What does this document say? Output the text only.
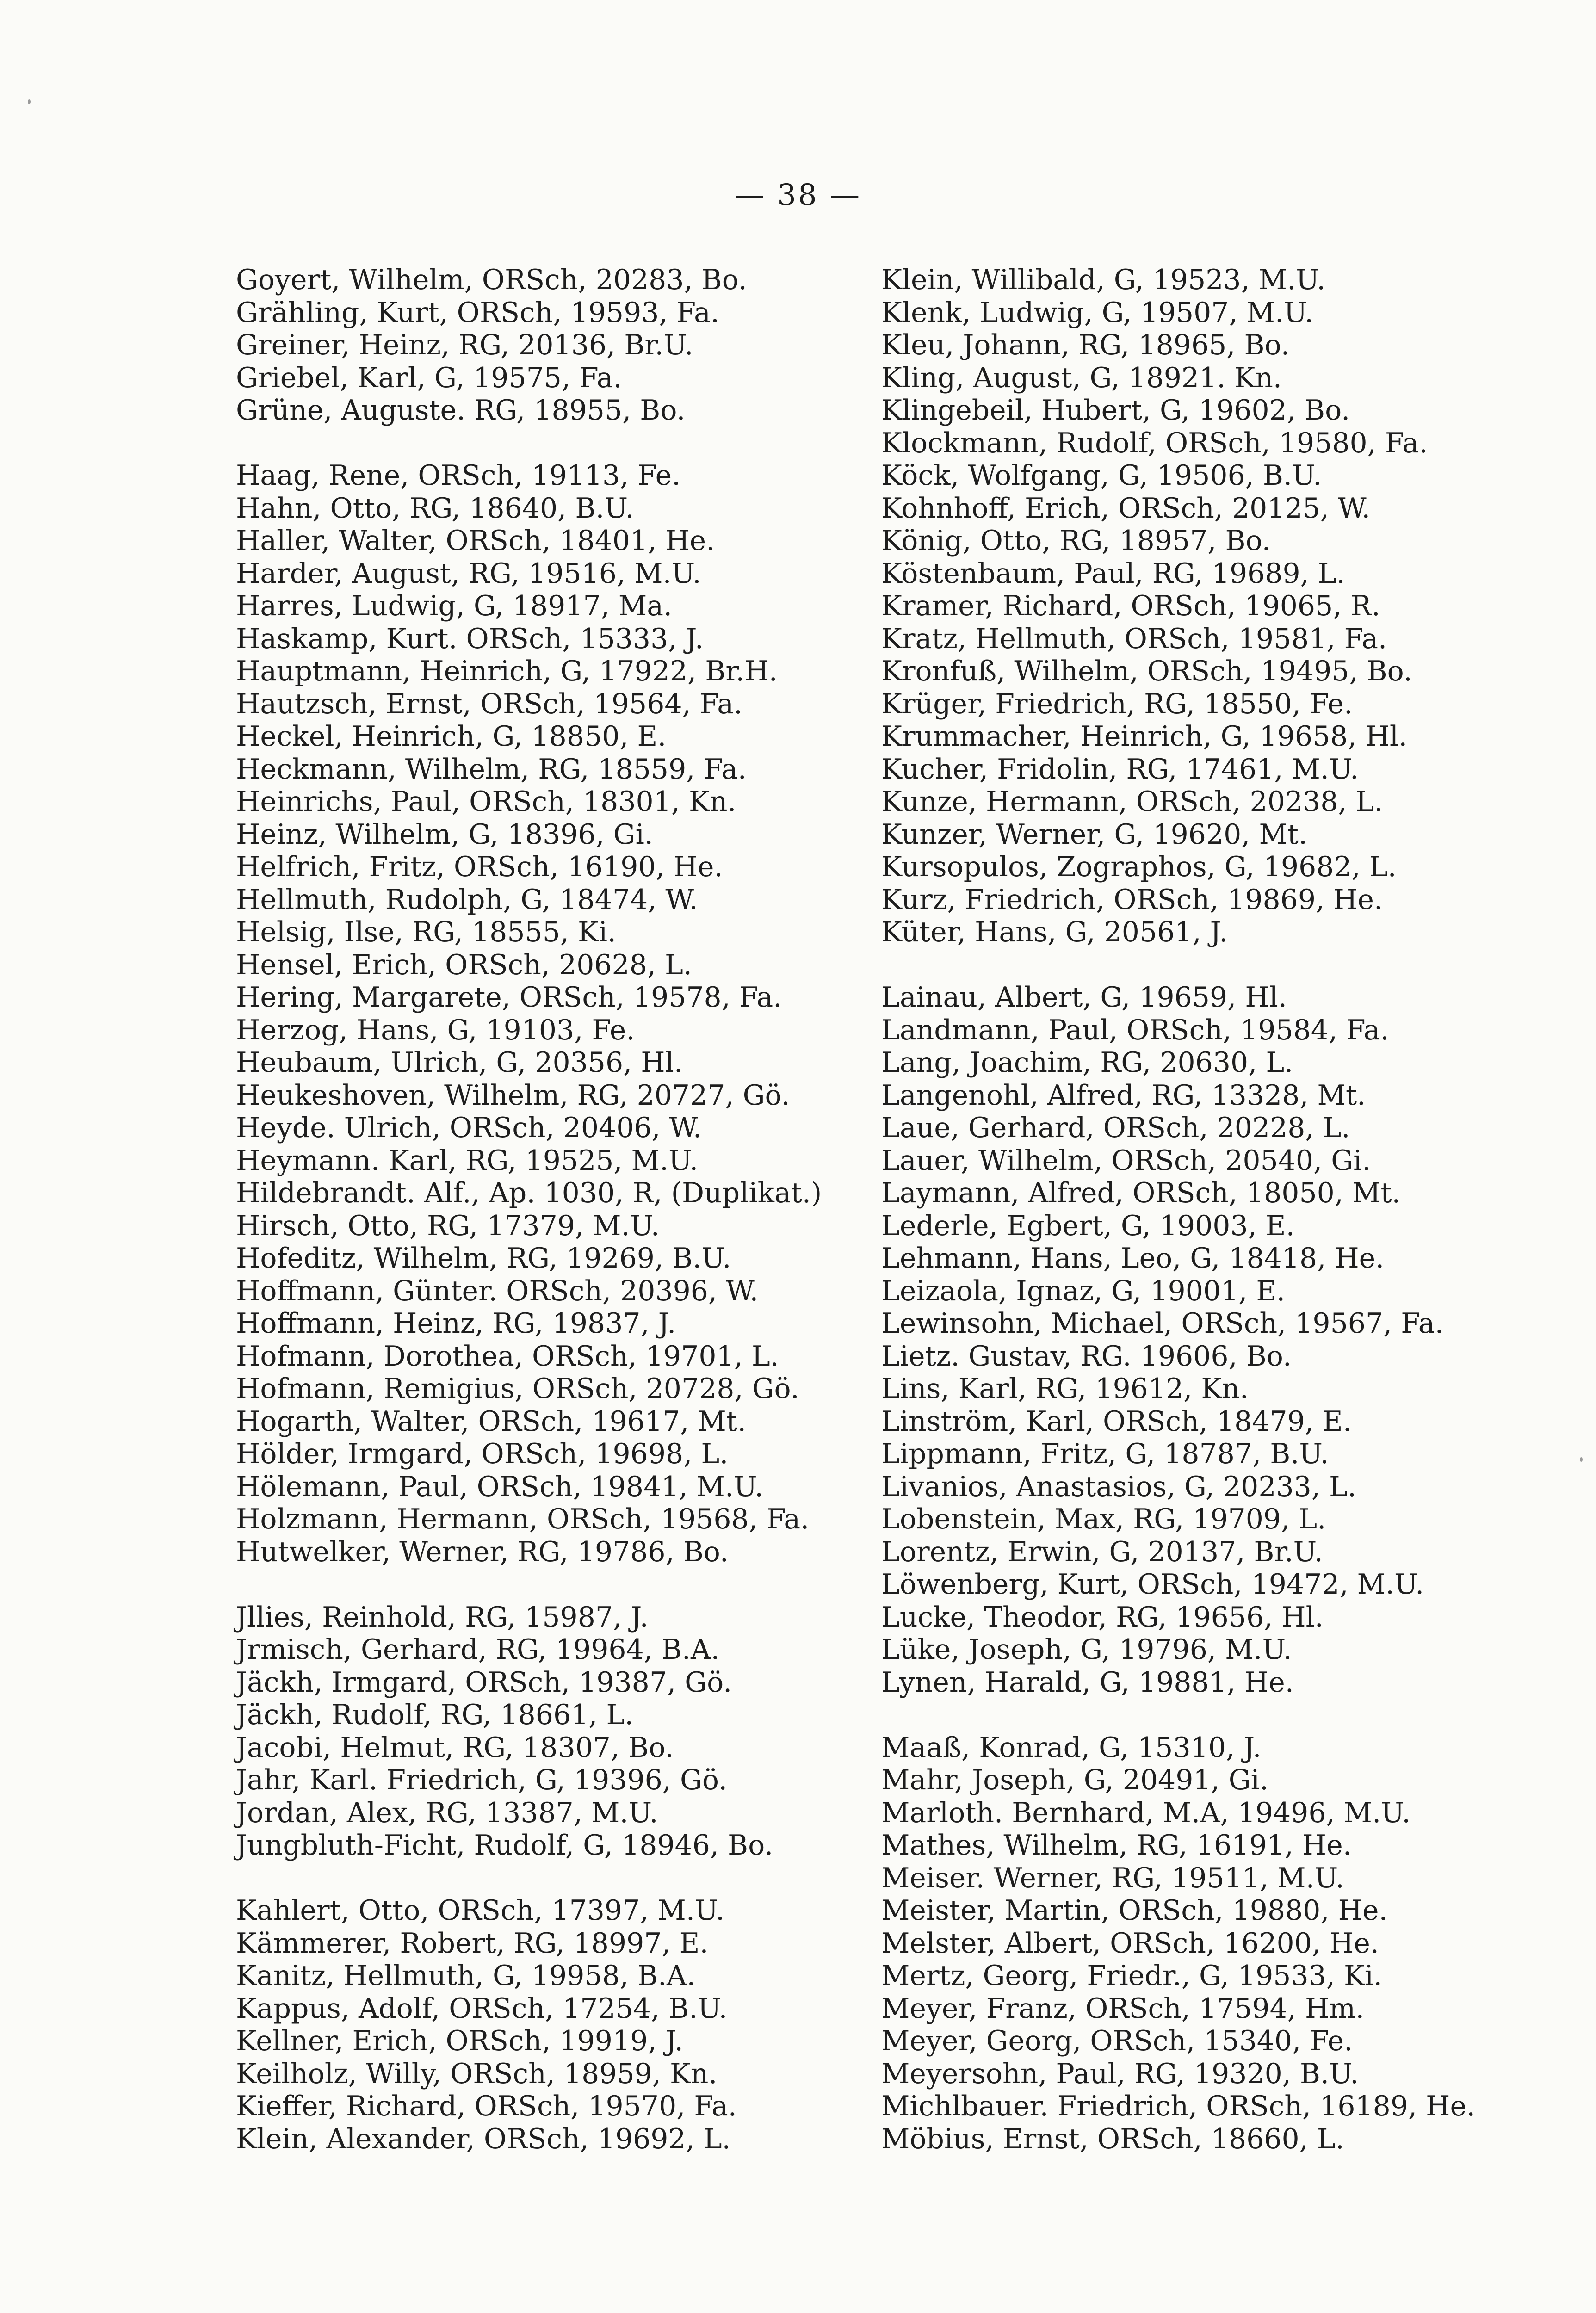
— 38 —
Goyert, Wilhelm, ORSch, 20283, Bo.
Grähling, Kurt, ORSch, 19593, Fa.
Greiner, Heinz, RG, 20136, Br.U.
Griebel, Karl, G, 19575, Fa.
Grüne, Auguste. RG, 18955, Bo.
Haag, Rene, ORSch, 19113, Fe.
Hahn, Otto, RG, 18640, B.U.
Haller, Walter, ORSch, 18401, He.
Harder, August, RG, 19516, M.U.
Harres, Ludwig, G, 18917, Ma.
Haskamp, Kurt. ORSch, 15333, J.
Hauptmann, Heinrich, G, 17922, Br.H.
Hautzsch, Ernst, ORSch, 19564, Fa.
Heckel, Heinrich, G, 18850, E.
Heckmann, Wilhelm, RG, 18559, Fa.
Heinrichs, Paul, ORSch, 18301, Kn.
Heinz, Wilhelm, G, 18396, Gi.
Helfrich, Fritz, ORSch, 16190, He.
Hellmuth, Rudolph, G, 18474, W.
Helsig, Ilse, RG, 18555, Ki.
Hensel, Erich, ORSch, 20628, L.
Hering, Margarete, ORSch, 19578, Fa.
Herzog, Hans, G, 19103, Fe.
Heubaum, Ulrich, G, 20356, Hl.
Heukeshoven, Wilhelm, RG, 20727, Gö.
Heyde. Ulrich, ORSch, 20406, W.
Heymann. Karl, RG, 19525, M.U.
Hildebrandt. Alf., Ap. 1030, R, (Duplikat.)
Hirsch, Otto, RG, 17379, M.U.
Hofeditz, Wilhelm, RG, 19269, B.U.
Hoffmann, Günter. ORSch, 20396, W.
Hoffmann, Heinz, RG, 19837, J.
Hofmann, Dorothea, ORSch, 19701, L.
Hofmann, Remigius, ORSch, 20728, Gö.
Hogarth, Walter, ORSch, 19617, Mt.
Hölder, Irmgard, ORSch, 19698, L.
Hölemann, Paul, ORSch, 19841, M.U.
Holzmann, Hermann, ORSch, 19568, Fa.
Hutwelker, Werner, RG, 19786, Bo.
Jllies, Reinhold, RG, 15987, J.
Jrmisch, Gerhard, RG, 19964, B.A.
Jäckh, Irmgard, ORSch, 19387, Gö.
Jäckh, Rudolf, RG, 18661, L.
Jacobi, Helmut, RG, 18307, Bo.
Jahr, Karl. Friedrich, G, 19396, Gö.
Jordan, Alex, RG, 13387, M.U.
Jungbluth-Ficht, Rudolf, G, 18946, Bo.
Kahlert, Otto, ORSch, 17397, M.U.
Kämmerer, Robert, RG, 18997, E.
Kanitz, Hellmuth, G, 19958, B.A.
Kappus, Adolf, ORSch, 17254, B.U.
Kellner, Erich, ORSch, 19919, J.
Keilholz, Willy, ORSch, 18959, Kn.
Kieffer, Richard, ORSch, 19570, Fa.
Klein, Alexander, ORSch, 19692, L.
Klein, Willibald, G, 19523, M.U.
Klenk, Ludwig, G, 19507, M.U.
Kleu, Johann, RG, 18965, Bo.
Kling, August, G, 18921. Kn.
Klingebeil, Hubert, G, 19602, Bo.
Klockmann, Rudolf, ORSch, 19580, Fa.
Köck, Wolfgang, G, 19506, B.U.
Kohnhoff, Erich, ORSch, 20125, W.
König, Otto, RG, 18957, Bo.
Köstenbaum, Paul, RG, 19689, L.
Kramer, Richard, ORSch, 19065, R.
Kratz, Hellmuth, ORSch, 19581, Fa.
Kronfuß, Wilhelm, ORSch, 19495, Bo.
Krüger, Friedrich, RG, 18550, Fe.
Krummacher, Heinrich, G, 19658, Hl.
Kucher, Fridolin, RG, 17461, M.U.
Kunze, Hermann, ORSch, 20238, L.
Kunzer, Werner, G, 19620, Mt.
Kursopulos, Zographos, G, 19682, L.
Kurz, Friedrich, ORSch, 19869, He.
Küter, Hans, G, 20561, J.
Lainau, Albert, G, 19659, Hl.
Landmann, Paul, ORSch, 19584, Fa.
Lang, Joachim, RG, 20630, L.
Langenohl, Alfred, RG, 13328, Mt.
Laue, Gerhard, ORSch, 20228, L.
Lauer, Wilhelm, ORSch, 20540, Gi.
Laymann, Alfred, ORSch, 18050, Mt.
Lederle, Egbert, G, 19003, E.
Lehmann, Hans, Leo, G, 18418, He.
Leizaola, Ignaz, G, 19001, E.
Lewinsohn, Michael, ORSch, 19567, Fa.
Lietz. Gustav, RG. 19606, Bo.
Lins, Karl, RG, 19612, Kn.
Linström, Karl, ORSch, 18479, E.
Lippmann, Fritz, G, 18787, B.U.
Livanios, Anastasios, G, 20233, L.
Lobenstein, Max, RG, 19709, L.
Lorentz, Erwin, G, 20137, Br.U.
Löwenberg, Kurt, ORSch, 19472, M.U.
Lucke, Theodor, RG, 19656, Hl.
Lüke, Joseph, G, 19796, M.U.
Lynen, Harald, G, 19881, He.
Maaß, Konrad, G, 15310, J.
Mahr, Joseph, G, 20491, Gi.
Marloth. Bernhard, M.A, 19496, M.U.
Mathes, Wilhelm, RG, 16191, He.
Meiser. Werner, RG, 19511, M.U.
Meister, Martin, ORSch, 19880, He.
Melster, Albert, ORSch, 16200, He.
Mertz, Georg, Friedr., G, 19533, Ki.
Meyer, Franz, ORSch, 17594, Hm.
Meyer, Georg, ORSch, 15340, Fe.
Meyersohn, Paul, RG, 19320, B.U.
Michlbauer. Friedrich, ORSch, 16189, He.
Möbius, Ernst, ORSch, 18660, L.
